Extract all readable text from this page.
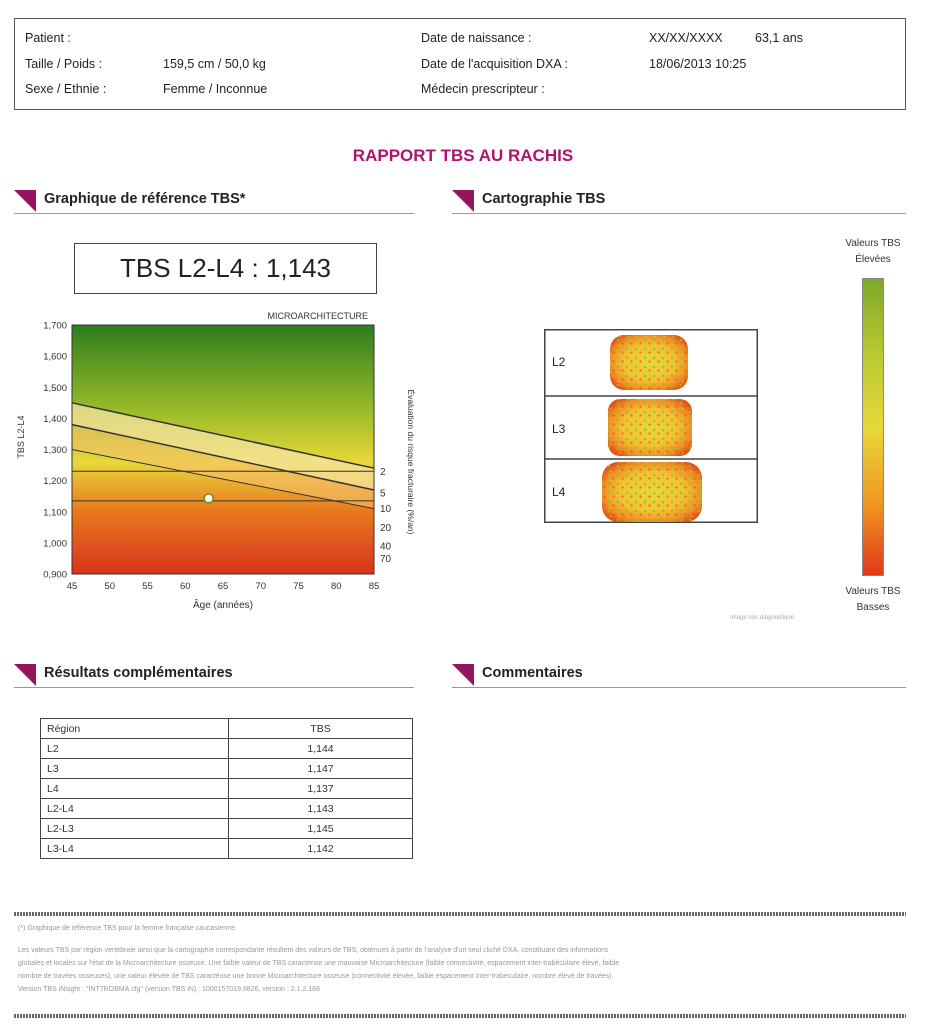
Patient :
Taille / Poids :	159,5 cm / 50,0 kg
Sexe / Ethnie :	Femme / Inconnue
Date de naissance :	XX/XX/XXXX	63,1 ans
Date de l'acquisition DXA :	18/06/2013 10:25
Médecin prescripteur :
RAPPORT TBS AU RACHIS
Graphique de référence TBS*	Cartographie TBS
TBS L2-L4 : 1,143
1,700
1,600
1,500
1,400
1,300
1,200
1,100
1,000
0,900
45	50	55	60	65	70	75	80	85
2
5
10
20
40
70
MICROARCHITECTURE
Âge (années)
TBS L2-L4	Évaluation du risque fracturaire (%/an)
L2
L3
L4
Valeurs TBS
Élevées
Valeurs TBS
Basses
Image non diagnostique
Résultats complémentaires	Commentaires
Région	TBS
L2	1,144
L3	1,147
L4	1,137
L2-L4	1,143
L2-L3	1,145
L3-L4	1,142
(*) Graphique de référence TBS pour la femme française caucasienne.
Les valeurs TBS par région vertébrale ainsi que la cartographie correspondante résultent des valeurs de TBS, obtenues à partir de l'analyse d'un seul cliché DXA, constituant des informations
globales et locales sur l'état de la Microarchitecture osseuse. Une faible valeur de TBS caractérise une mauvaise Microarchitecture (faible connectivité, espacement inter-trabéculaire élevé, faible
nombre de travées osseuses), une valeur élevée de TBS caractérise une bonne Microarchitecture osseuse (connectivité élevée, faible espacement inter-trabéculaire, nombre élevé de travées).
Version TBS iNsight : "INT7ROBMA.cfg" (version TBS iN) : 1000157019.9826, version : 2.1.2.186
